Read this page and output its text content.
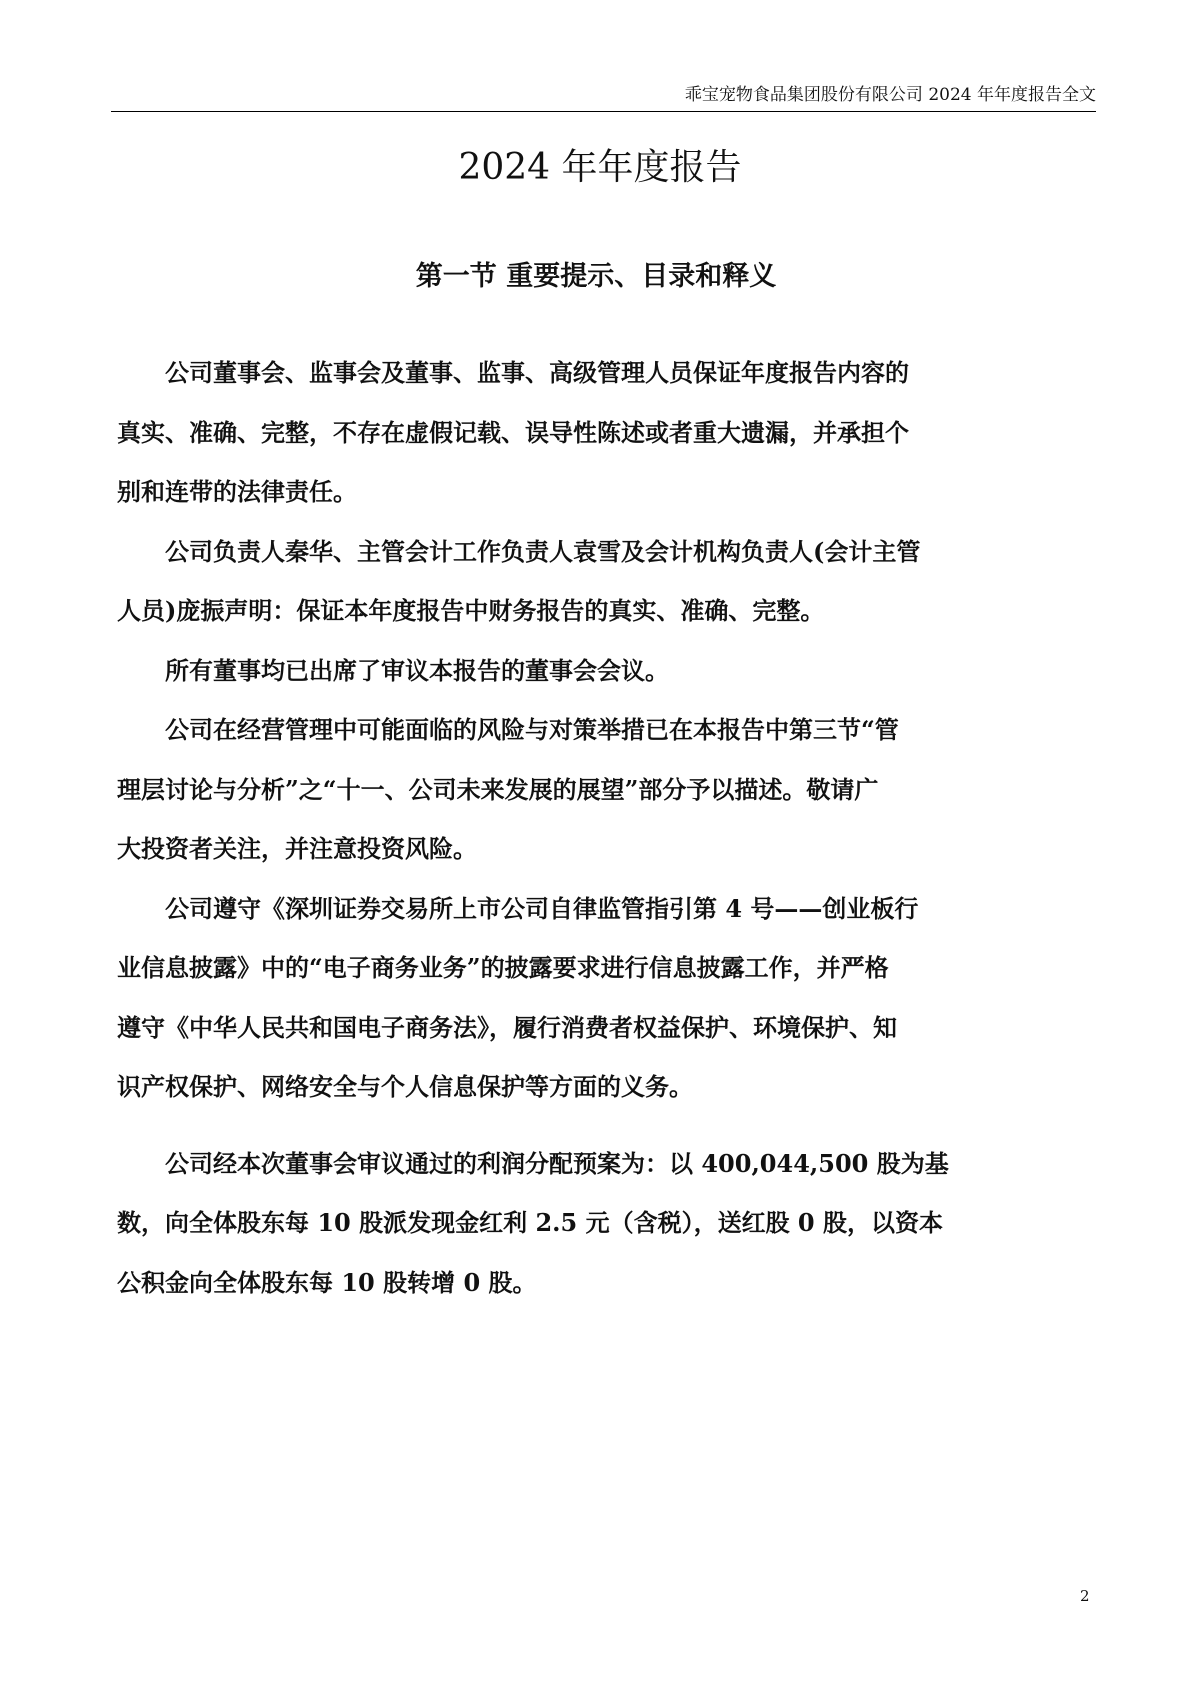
乖宝宠物食品集团股份有限公司 2024 年年度报告全文
2024 年年度报告
第一节 重要提示、目录和释义

公司董事会、监事会及董事、监事、高级管理人员保证年度报告内容的
真实、准确、完整，不存在虚假记载、误导性陈述或者重大遗漏，并承担个
别和连带的法律责任。

公司负责人秦华、主管会计工作负责人袁雪及会计机构负责人(会计主管
人员)庞振声明：保证本年度报告中财务报告的真实、准确、完整。

所有董事均已出席了审议本报告的董事会会议。

公司在经营管理中可能面临的风险与对策举措已在本报告中第三节“管
理层讨论与分析”之“十一、公司未来发展的展望”部分予以描述。敬请广
大投资者关注，并注意投资风险。

公司遵守《深圳证券交易所上市公司自律监管指引第 4 号——创业板行
业信息披露》中的“电子商务业务”的披露要求进行信息披露工作，并严格
遵守《中华人民共和国电子商务法》，履行消费者权益保护、环境保护、知
识产权保护、网络安全与个人信息保护等方面的义务。

公司经本次董事会审议通过的利润分配预案为：以 400,044,500 股为基
数，向全体股东每 10 股派发现金红利 2.5 元（含税），送红股 0 股，以资本
公积金向全体股东每 10 股转增 0 股。

2
